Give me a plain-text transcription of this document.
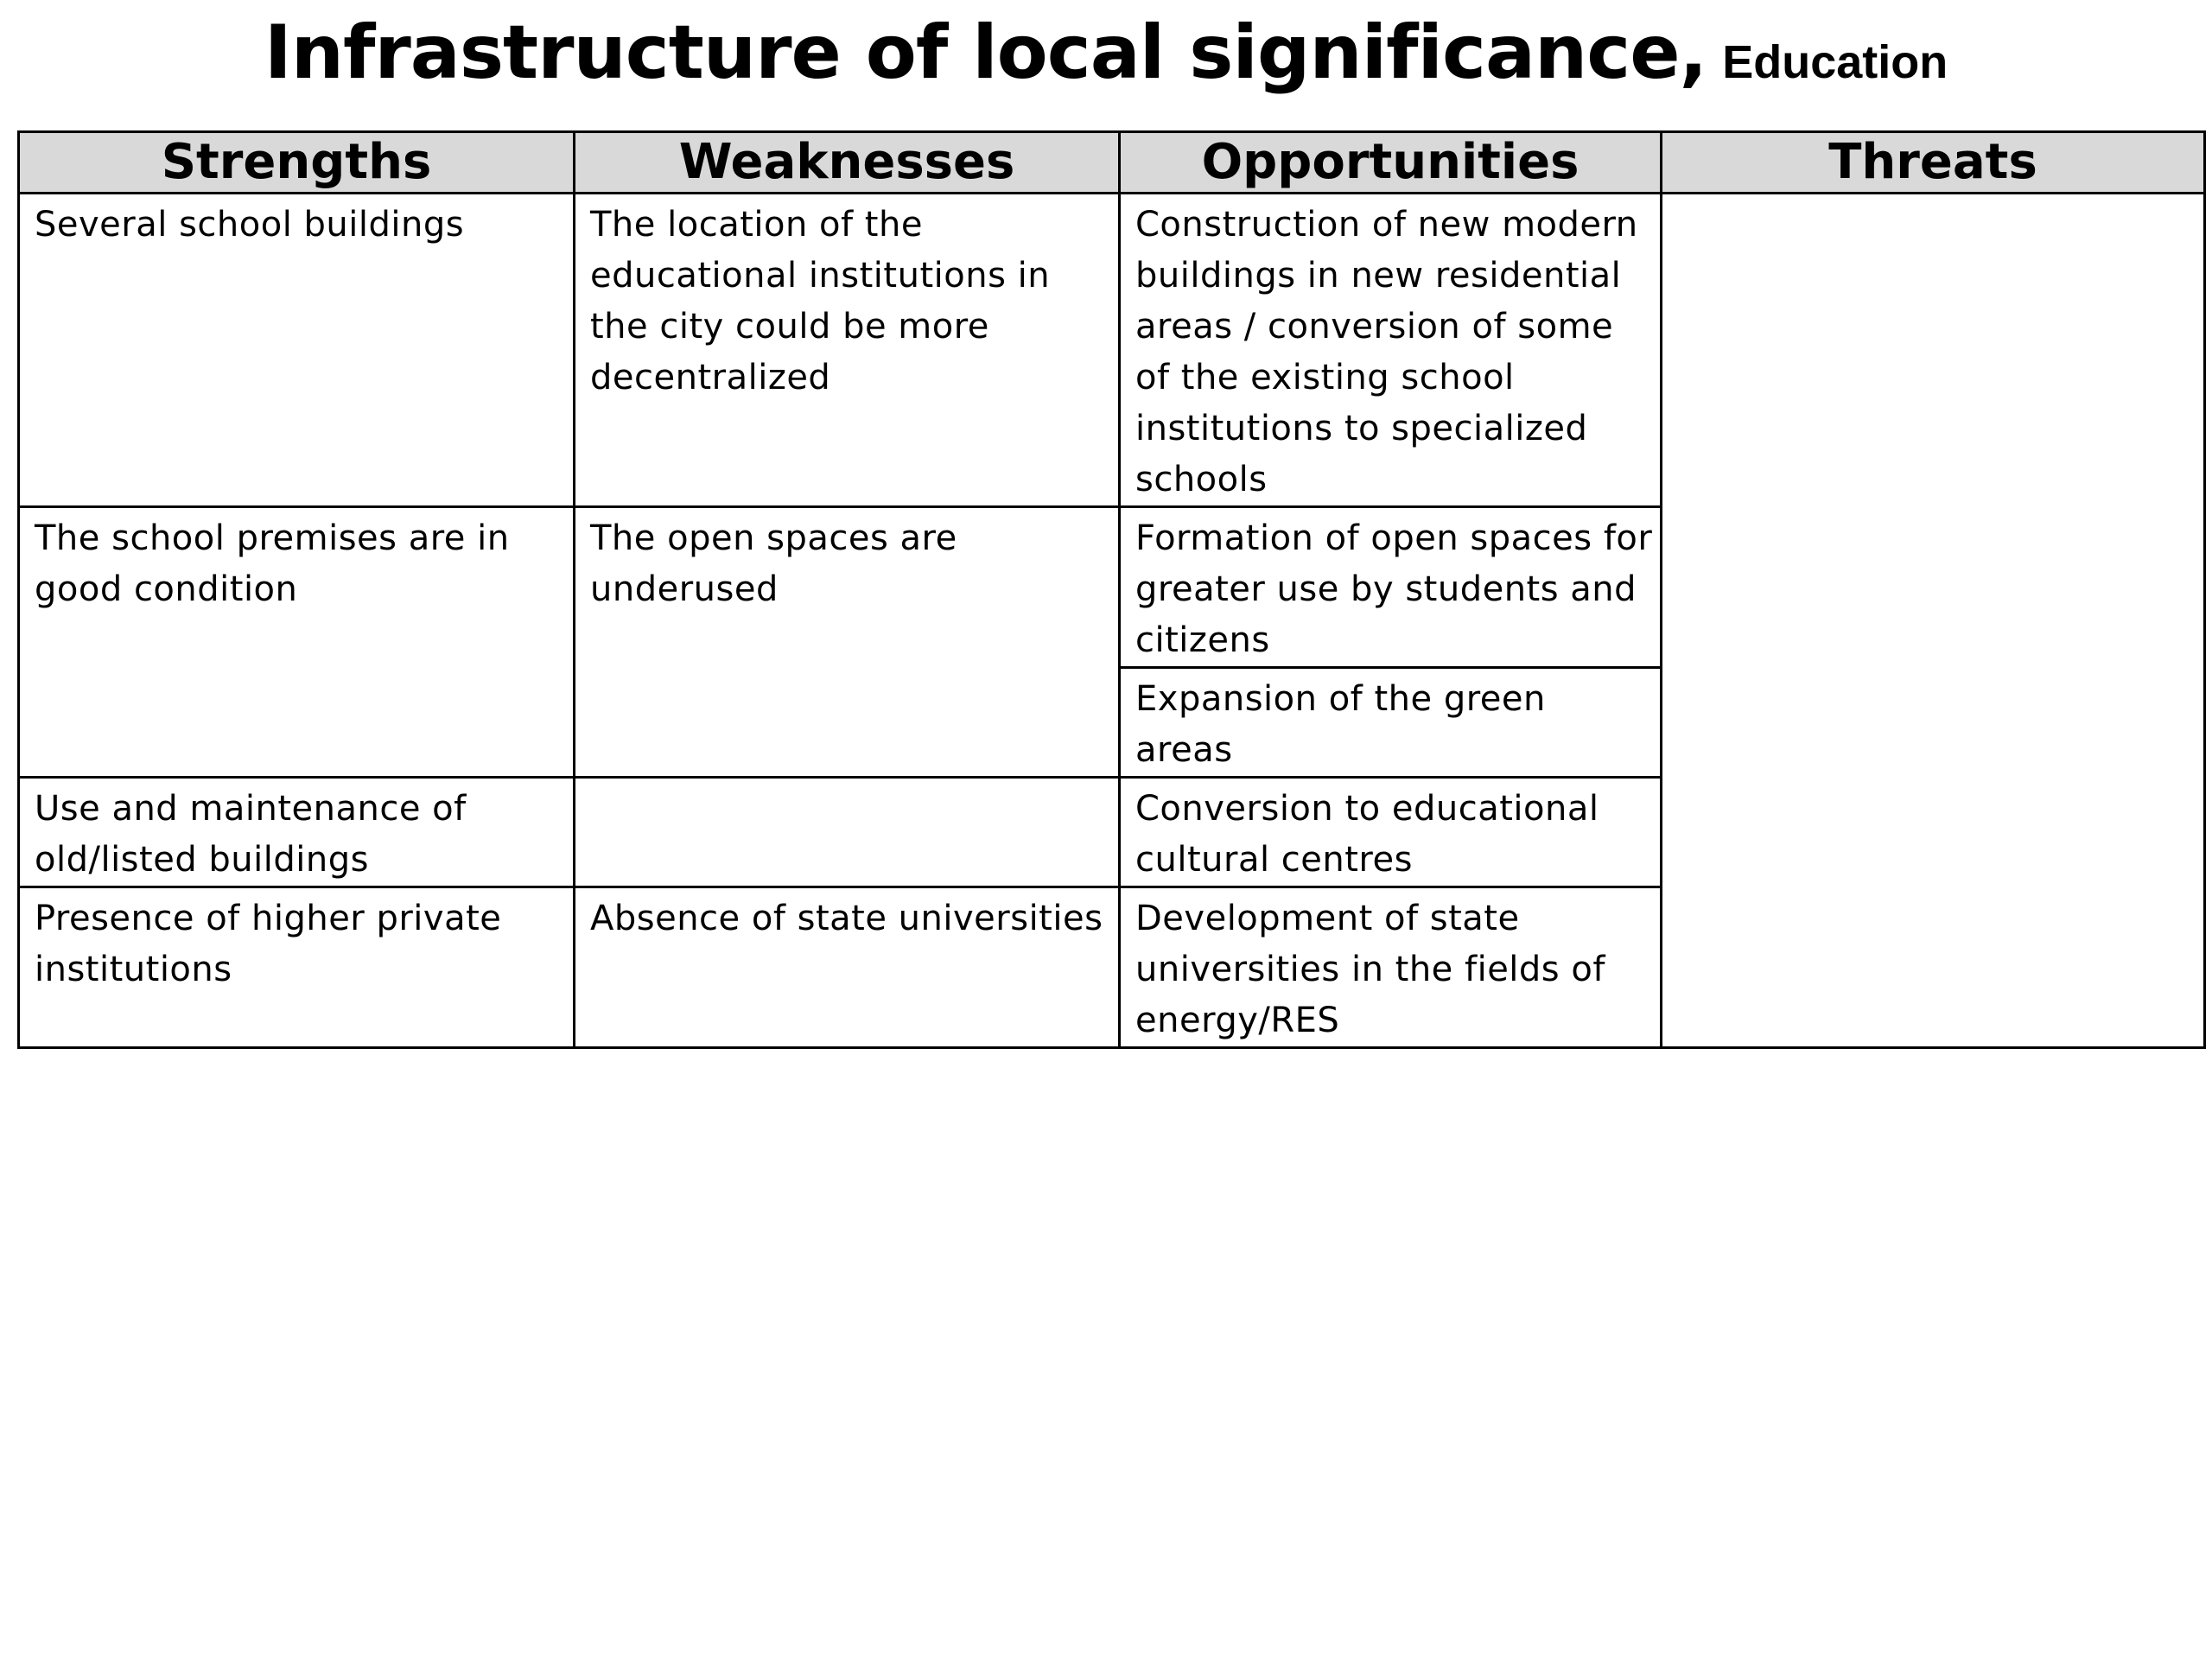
Infrastructure of local significance, Education
Strengths	Weaknesses	Opportunities	Threats

Several school buildings	The location of the educational institutions in the city could be more decentralized	Construction of new modern buildings in new residential areas / conversion of some of the existing school institutions to specialized schools	

The school premises are in good condition	The open spaces are underused	Formation of open spaces for greater use by students and citizens	

		Expansion of the green areas	

Use and maintenance of old/listed buildings		Conversion to educational cultural centres	

Presence of higher private institutions	Absence of state universities	Development of state universities in the fields of energy/RES	
